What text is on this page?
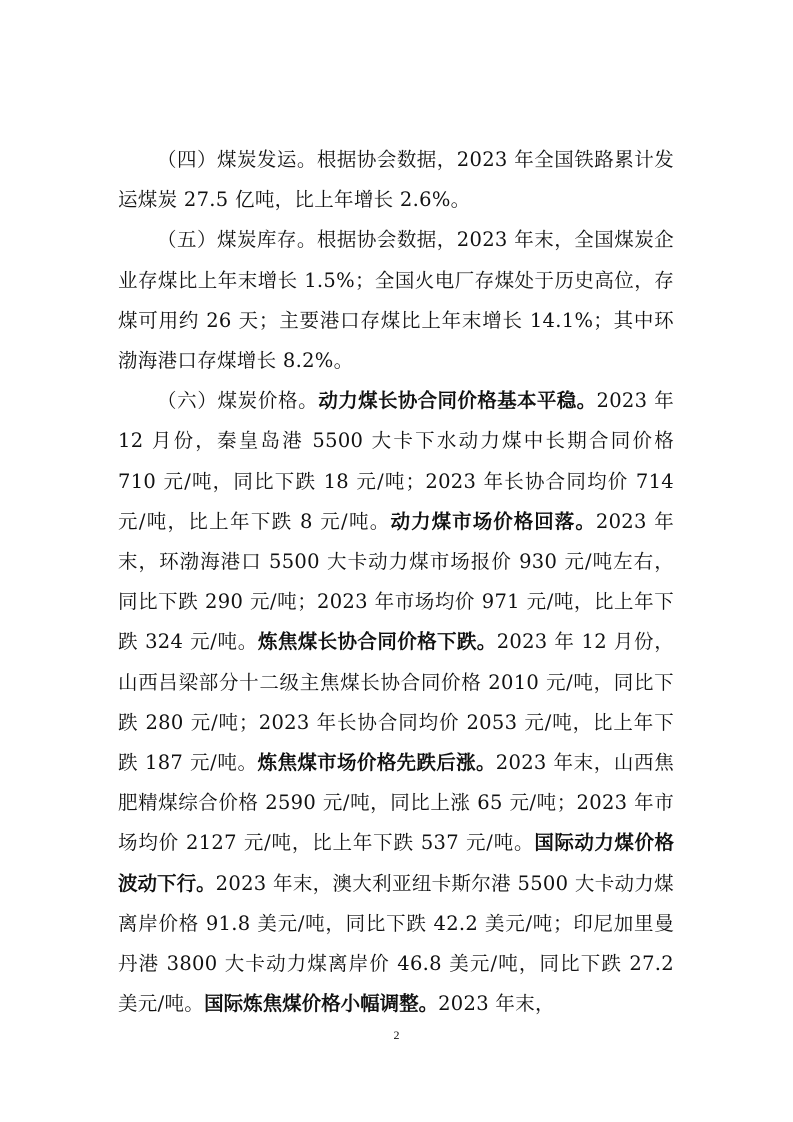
（四）煤炭发运。根据协会数据，2023 年全国铁路累计发运煤炭 27.5 亿吨，比上年增长 2.6%。

（五）煤炭库存。根据协会数据，2023 年末，全国煤炭企业存煤比上年末增长 1.5%；全国火电厂存煤处于历史高位，存煤可用约 26 天；主要港口存煤比上年末增长 14.1%；其中环渤海港口存煤增长 8.2%。

（六）煤炭价格。动力煤长协合同价格基本平稳。2023 年 12 月份，秦皇岛港 5500 大卡下水动力煤中长期合同价格 710 元/吨，同比下跌 18 元/吨；2023 年长协合同均价 714 元/吨，比上年下跌 8 元/吨。动力煤市场价格回落。2023 年末，环渤海港口 5500 大卡动力煤市场报价 930 元/吨左右，同比下跌 290 元/吨；2023 年市场均价 971 元/吨，比上年下跌 324 元/吨。炼焦煤长协合同价格下跌。2023 年 12 月份，山西吕梁部分十二级主焦煤长协合同价格 2010 元/吨，同比下跌 280 元/吨；2023 年长协合同均价 2053 元/吨，比上年下跌 187 元/吨。炼焦煤市场价格先跌后涨。2023 年末，山西焦肥精煤综合价格 2590 元/吨，同比上涨 65 元/吨；2023 年市场均价 2127 元/吨，比上年下跌 537 元/吨。国际动力煤价格波动下行。2023 年末，澳大利亚纽卡斯尔港 5500 大卡动力煤离岸价格 91.8 美元/吨，同比下跌 42.2 美元/吨；印尼加里曼丹港 3800 大卡动力煤离岸价 46.8 美元/吨，同比下跌 27.2 美元/吨。国际炼焦煤价格小幅调整。2023 年末，

2
